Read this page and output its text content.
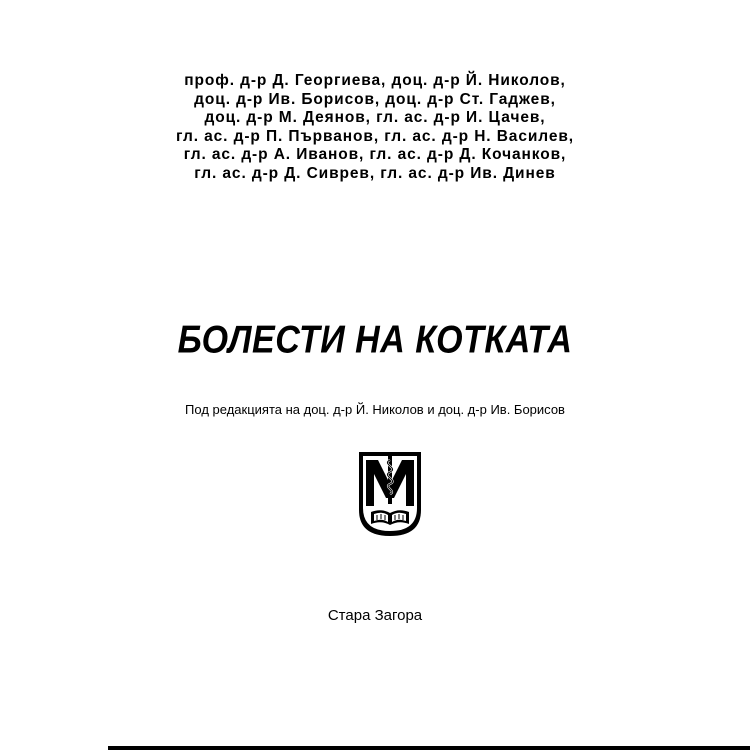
проф. д-р Д. Георгиева, доц. д-р Й. Николов,
доц. д-р Ив. Борисов, доц. д-р Ст. Гаджев,
доц. д-р М. Деянов, гл. ас. д-р И. Цачев,
гл. ас. д-р П. Първанов, гл. ас. д-р Н. Василев,
гл. ас. д-р А. Иванов, гл. ас. д-р Д. Кочанков,
гл. ас. д-р Д. Сиврев, гл. ас. д-р Ив. Динев
БОЛЕСТИ НА КОТКАТА
Под редакцията на доц. д-р Й. Николов и доц. д-р Ив. Борисов
Стара Загора
